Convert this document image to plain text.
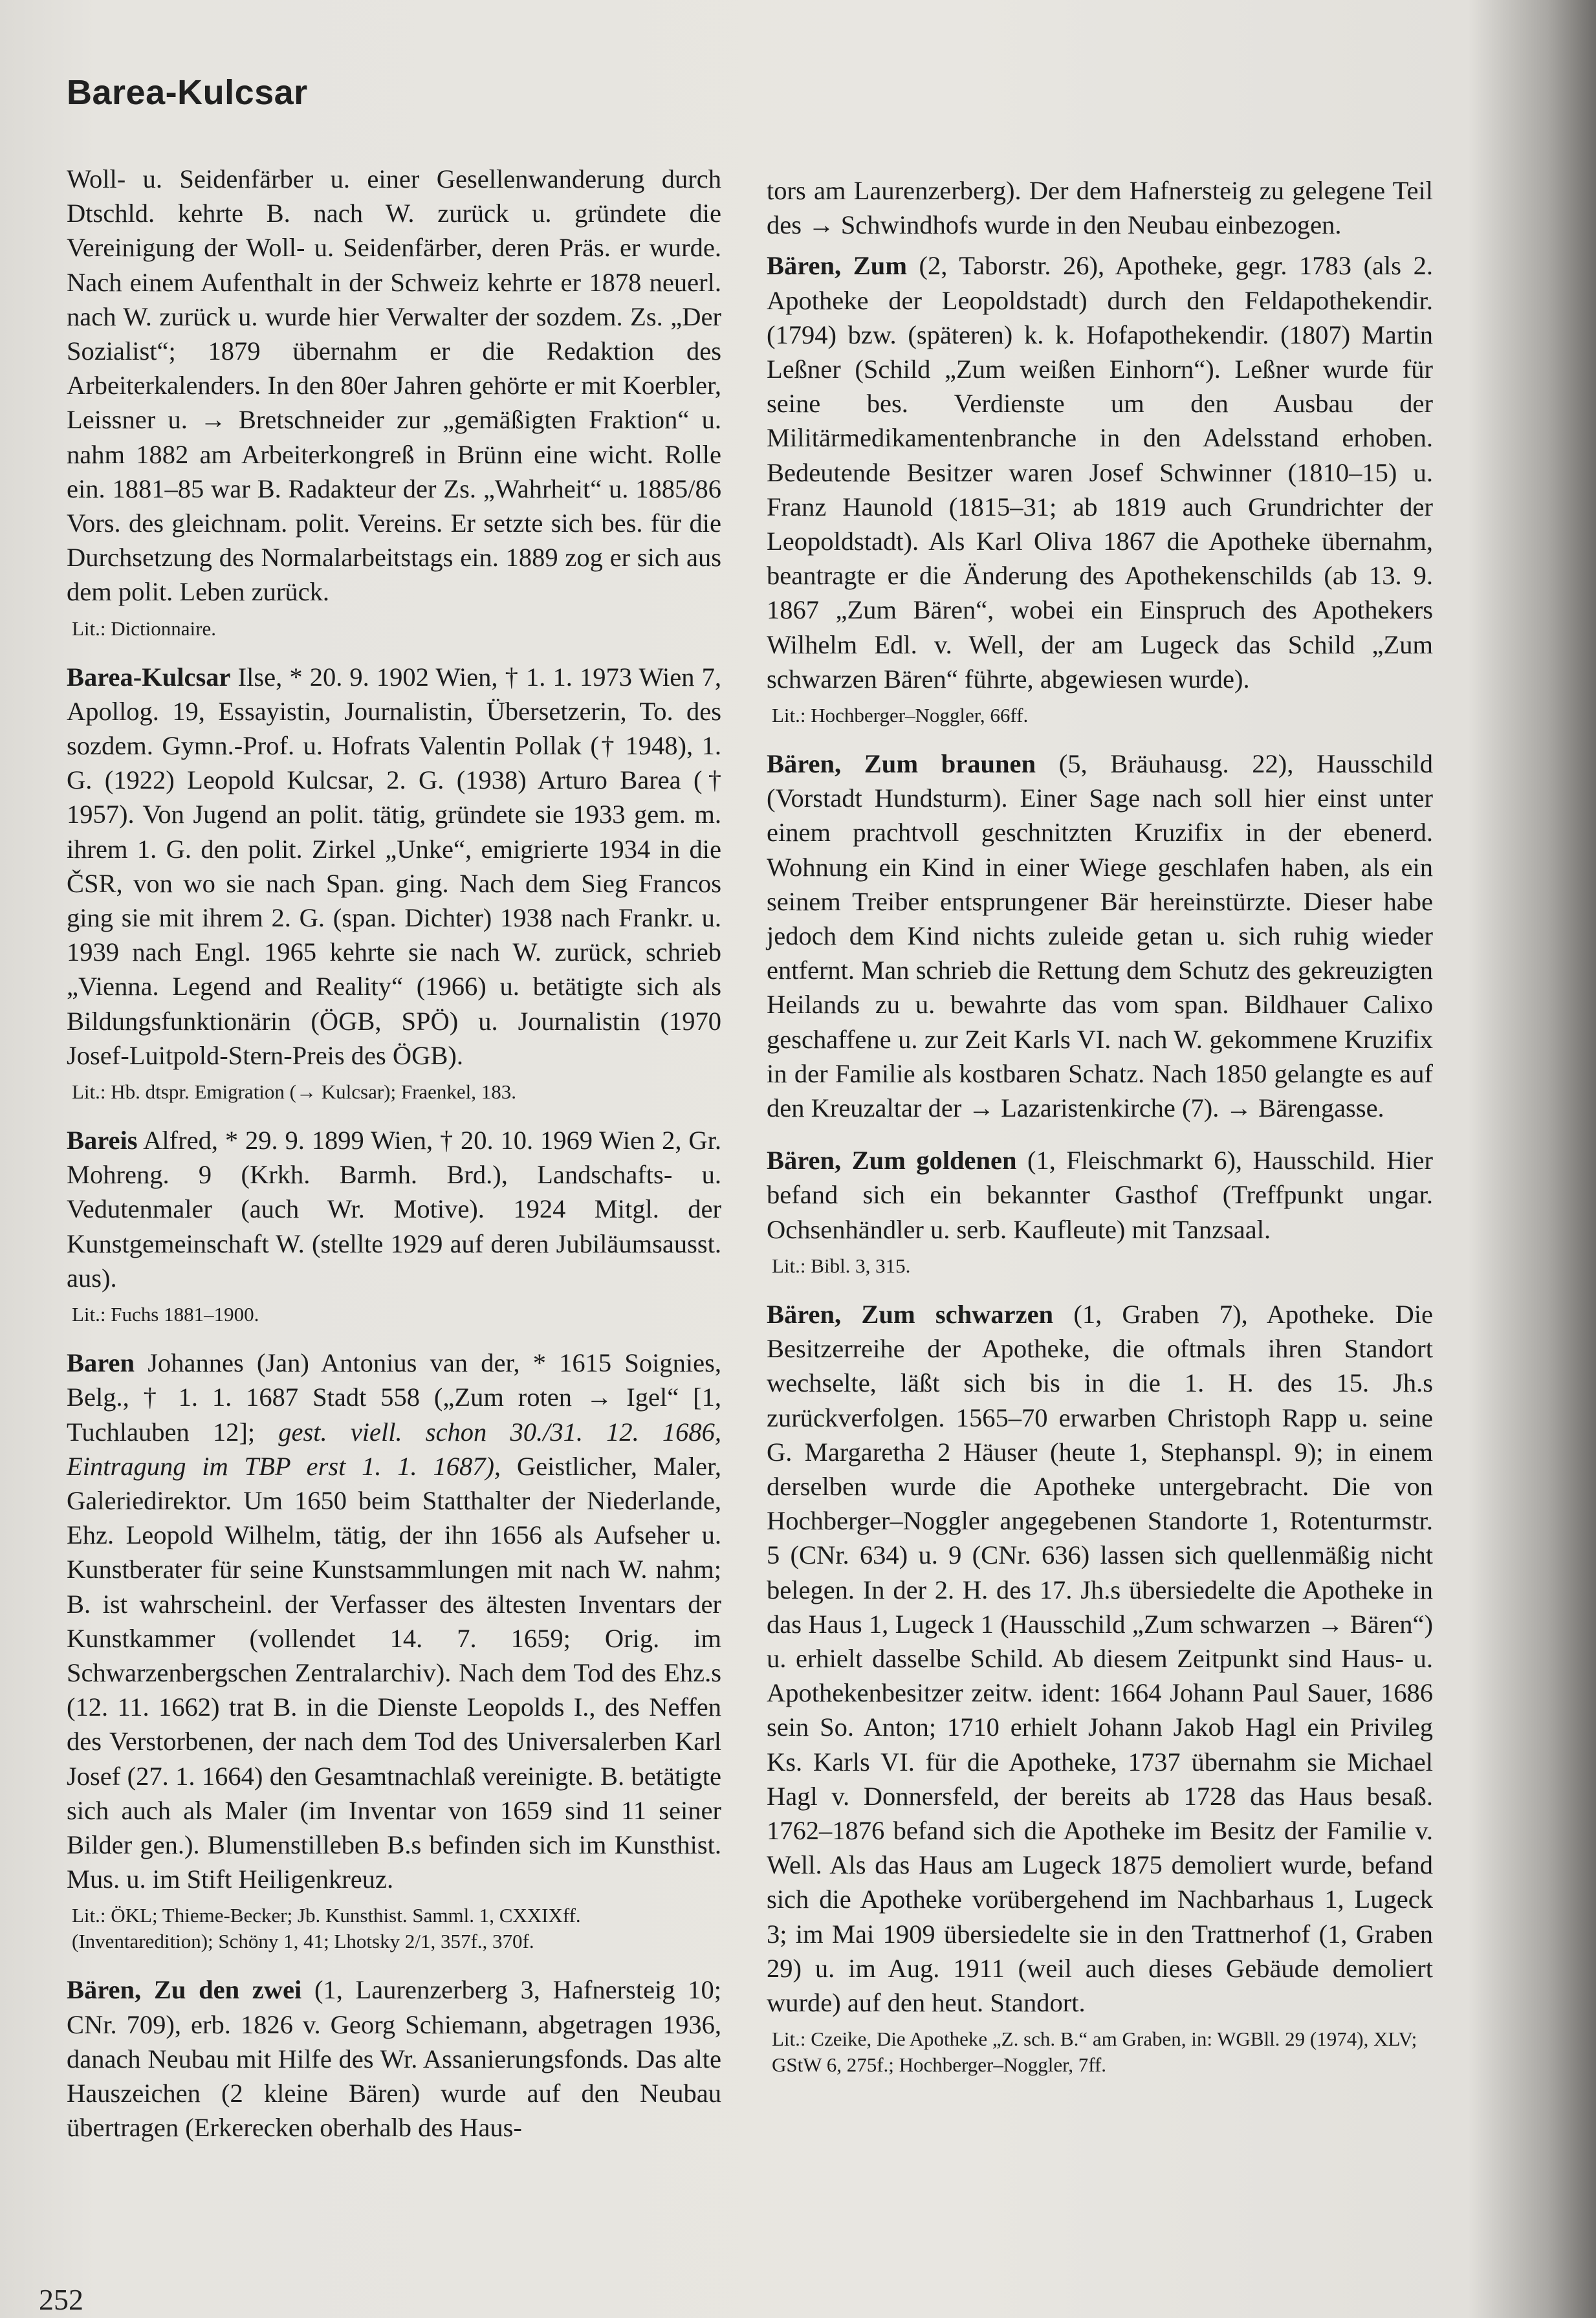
Barea-Kulcsar

Woll- u. Seidenfärber u. einer Gesellenwanderung durch Dtschld. kehrte B. nach W. zurück u. gründete die Vereinigung der Woll- u. Seidenfärber, deren Präs. er wurde. Nach einem Aufenthalt in der Schweiz kehrte er 1878 neuerl. nach W. zurück u. wurde hier Verwalter der sozdem. Zs. „Der Sozialist“; 1879 übernahm er die Redaktion des Arbeiterkalenders. In den 80er Jahren gehörte er mit Koerbler, Leissner u. → Bretschneider zur „gemäßigten Fraktion“ u. nahm 1882 am Arbeiterkongreß in Brünn eine wicht. Rolle ein. 1881–85 war B. Radakteur der Zs. „Wahrheit“ u. 1885/86 Vors. des gleichnam. polit. Vereins. Er setzte sich bes. für die Durchsetzung des Normalarbeitstags ein. 1889 zog er sich aus dem polit. Leben zurück.

Lit.: Dictionnaire.

Barea-Kulcsar Ilse, * 20. 9. 1902 Wien, † 1. 1. 1973 Wien 7, Apollog. 19, Essayistin, Journalistin, Übersetzerin, To. des sozdem. Gymn.-Prof. u. Hofrats Valentin Pollak († 1948), 1. G. (1922) Leopold Kulcsar, 2. G. (1938) Arturo Barea († 1957). Von Jugend an polit. tätig, gründete sie 1933 gem. m. ihrem 1. G. den polit. Zirkel „Unke“, emigrierte 1934 in die ČSR, von wo sie nach Span. ging. Nach dem Sieg Francos ging sie mit ihrem 2. G. (span. Dichter) 1938 nach Frankr. u. 1939 nach Engl. 1965 kehrte sie nach W. zurück, schrieb „Vienna. Legend and Reality“ (1966) u. betätigte sich als Bildungsfunktionärin (ÖGB, SPÖ) u. Journalistin (1970 Josef-Luitpold-Stern-Preis des ÖGB).

Lit.: Hb. dtspr. Emigration (→ Kulcsar); Fraenkel, 183.

Bareis Alfred, * 29. 9. 1899 Wien, † 20. 10. 1969 Wien 2, Gr. Mohreng. 9 (Krkh. Barmh. Brd.), Landschafts- u. Vedutenmaler (auch Wr. Motive). 1924 Mitgl. der Kunstgemeinschaft W. (stellte 1929 auf deren Jubiläumsausst. aus).

Lit.: Fuchs 1881–1900.

Baren Johannes (Jan) Antonius van der, * 1615 Soignies, Belg., † 1. 1. 1687 Stadt 558 („Zum roten → Igel“ [1, Tuchlauben 12]; gest. viell. schon 30./31. 12. 1686, Eintragung im TBP erst 1. 1. 1687), Geistlicher, Maler, Galeriedirektor. Um 1650 beim Statthalter der Niederlande, Ehz. Leopold Wilhelm, tätig, der ihn 1656 als Aufseher u. Kunstberater für seine Kunstsammlungen mit nach W. nahm; B. ist wahrscheinl. der Verfasser des ältesten Inventars der Kunstkammer (vollendet 14. 7. 1659; Orig. im Schwarzenbergschen Zentralarchiv). Nach dem Tod des Ehz.s (12. 11. 1662) trat B. in die Dienste Leopolds I., des Neffen des Verstorbenen, der nach dem Tod des Universalerben Karl Josef (27. 1. 1664) den Gesamtnachlaß vereinigte. B. betätigte sich auch als Maler (im Inventar von 1659 sind 11 seiner Bilder gen.). Blumenstilleben B.s befinden sich im Kunsthist. Mus. u. im Stift Heiligenkreuz.

Lit.: ÖKL; Thieme-Becker; Jb. Kunsthist. Samml. 1, CXXIXff. (Inventaredition); Schöny 1, 41; Lhotsky 2/1, 357f., 370f.

Bären, Zu den zwei (1, Laurenzerberg 3, Hafnersteig 10; CNr. 709), erb. 1826 v. Georg Schiemann, abgetragen 1936, danach Neubau mit Hilfe des Wr. Assanierungsfonds. Das alte Hauszeichen (2 kleine Bären) wurde auf den Neubau übertragen (Erkerecken oberhalb des Haus-

tors am Laurenzerberg). Der dem Hafnersteig zu gelegene Teil des → Schwindhofs wurde in den Neubau einbezogen.

Bären, Zum (2, Taborstr. 26), Apotheke, gegr. 1783 (als 2. Apotheke der Leopoldstadt) durch den Feldapothekendir. (1794) bzw. (späteren) k. k. Hofapothekendir. (1807) Martin Leßner (Schild „Zum weißen Einhorn“). Leßner wurde für seine bes. Verdienste um den Ausbau der Militärmedikamentenbranche in den Adelsstand erhoben. Bedeutende Besitzer waren Josef Schwinner (1810–15) u. Franz Haunold (1815–31; ab 1819 auch Grundrichter der Leopoldstadt). Als Karl Oliva 1867 die Apotheke übernahm, beantragte er die Änderung des Apothekenschilds (ab 13. 9. 1867 „Zum Bären“, wobei ein Einspruch des Apothekers Wilhelm Edl. v. Well, der am Lugeck das Schild „Zum schwarzen Bären“ führte, abgewiesen wurde).

Lit.: Hochberger–Noggler, 66ff.

Bären, Zum braunen (5, Bräuhausg. 22), Hausschild (Vorstadt Hundsturm). Einer Sage nach soll hier einst unter einem prachtvoll geschnitzten Kruzifix in der ebenerd. Wohnung ein Kind in einer Wiege geschlafen haben, als ein seinem Treiber entsprungener Bär hereinstürzte. Dieser habe jedoch dem Kind nichts zuleide getan u. sich ruhig wieder entfernt. Man schrieb die Rettung dem Schutz des gekreuzigten Heilands zu u. bewahrte das vom span. Bildhauer Calixo geschaffene u. zur Zeit Karls VI. nach W. gekommene Kruzifix in der Familie als kostbaren Schatz. Nach 1850 gelangte es auf den Kreuzaltar der → Lazaristenkirche (7). → Bärengasse.

Bären, Zum goldenen (1, Fleischmarkt 6), Hausschild. Hier befand sich ein bekannter Gasthof (Treffpunkt ungar. Ochsenhändler u. serb. Kaufleute) mit Tanzsaal.

Lit.: Bibl. 3, 315.

Bären, Zum schwarzen (1, Graben 7), Apotheke. Die Besitzerreihe der Apotheke, die oftmals ihren Standort wechselte, läßt sich bis in die 1. H. des 15. Jh.s zurückverfolgen. 1565–70 erwarben Christoph Rapp u. seine G. Margaretha 2 Häuser (heute 1, Stephanspl. 9); in einem derselben wurde die Apotheke untergebracht. Die von Hochberger–Noggler angegebenen Standorte 1, Rotenturmstr. 5 (CNr. 634) u. 9 (CNr. 636) lassen sich quellenmäßig nicht belegen. In der 2. H. des 17. Jh.s übersiedelte die Apotheke in das Haus 1, Lugeck 1 (Hausschild „Zum schwarzen → Bären“) u. erhielt dasselbe Schild. Ab diesem Zeitpunkt sind Haus- u. Apothekenbesitzer zeitw. ident: 1664 Johann Paul Sauer, 1686 sein So. Anton; 1710 erhielt Johann Jakob Hagl ein Privileg Ks. Karls VI. für die Apotheke, 1737 übernahm sie Michael Hagl v. Donnersfeld, der bereits ab 1728 das Haus besaß. 1762–1876 befand sich die Apotheke im Besitz der Familie v. Well. Als das Haus am Lugeck 1875 demoliert wurde, befand sich die Apotheke vorübergehend im Nachbarhaus 1, Lugeck 3; im Mai 1909 übersiedelte sie in den Trattnerhof (1, Graben 29) u. im Aug. 1911 (weil auch dieses Gebäude demoliert wurde) auf den heut. Standort.

Lit.: Czeike, Die Apotheke „Z. sch. B.“ am Graben, in: WGBll. 29 (1974), XLV; GStW 6, 275f.; Hochberger–Noggler, 7ff.
252
